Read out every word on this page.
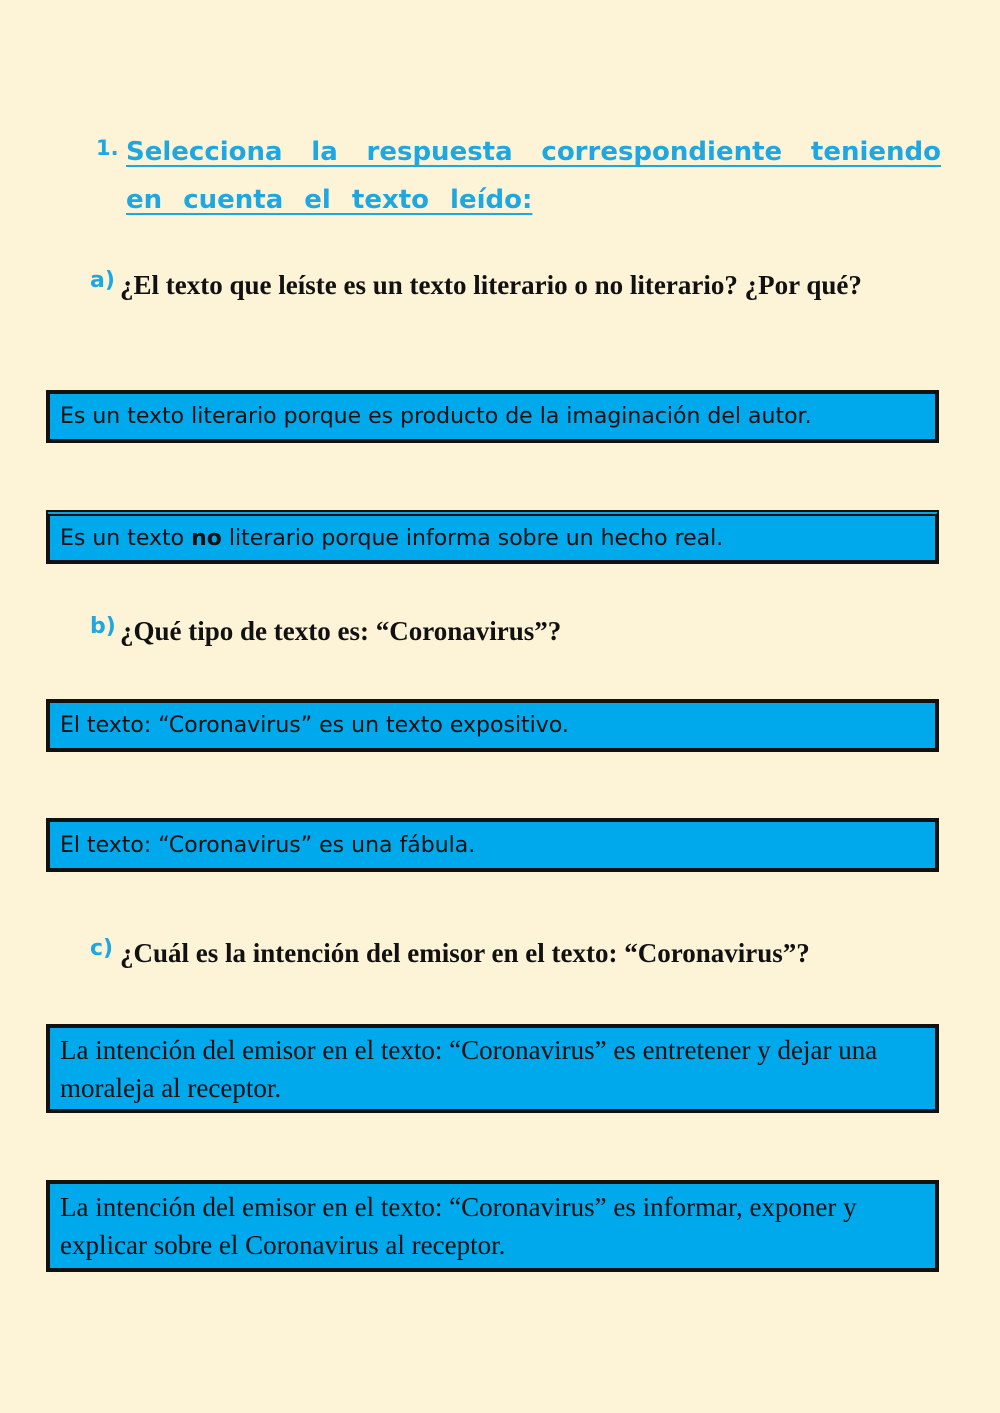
1. Selecciona la respuesta correspondiente teniendo en cuenta el texto leído:
a) ¿El texto que leíste es un texto literario o no literario? ¿Por qué?
Es un texto literario porque es producto de la imaginación del autor.
Es un texto no literario porque informa sobre un hecho real.
b) ¿Qué tipo de texto es: “Coronavirus”?
El texto: “Coronavirus” es un texto expositivo.
El texto: “Coronavirus” es una fábula.
c) ¿Cuál es la intención del emisor en el texto: “Coronavirus”?
La intención del emisor en el texto: “Coronavirus” es entretener y dejar una moraleja al receptor.
La intención del emisor en el texto: “Coronavirus” es informar, exponer y explicar sobre el Coronavirus al receptor.
